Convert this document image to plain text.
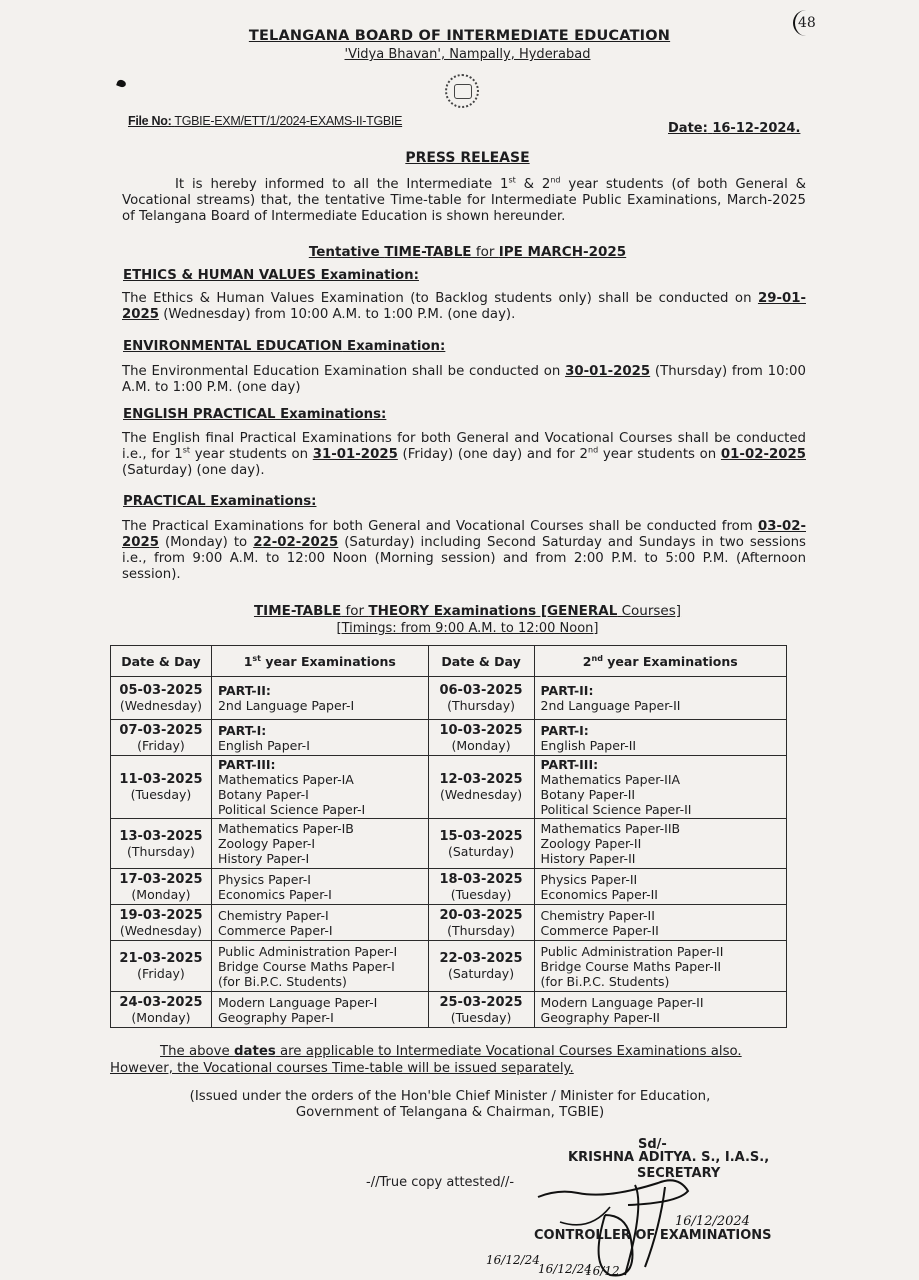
48
TELANGANA BOARD OF INTERMEDIATE EDUCATION
'Vidya Bhavan', Nampally, Hyderabad
File No: TGBIE-EXM/ETT/1/2024-EXAMS-II-TGBIE	Date: 16-12-2024.
PRESS RELEASE
It is hereby informed to all the Intermediate 1st & 2nd year students (of both General & Vocational streams) that, the tentative Time-table for Intermediate Public Examinations, March-2025 of Telangana Board of Intermediate Education is shown hereunder.
Tentative TIME-TABLE for IPE MARCH-2025
ETHICS & HUMAN VALUES Examination:
The Ethics & Human Values Examination (to Backlog students only) shall be conducted on 29-01-2025 (Wednesday) from 10:00 A.M. to 1:00 P.M. (one day).
ENVIRONMENTAL EDUCATION Examination:
The Environmental Education Examination shall be conducted on 30-01-2025 (Thursday) from 10:00 A.M. to 1:00 P.M. (one day)
ENGLISH PRACTICAL Examinations:
The English final Practical Examinations for both General and Vocational Courses shall be conducted i.e., for 1st year students on 31-01-2025 (Friday) (one day) and for 2nd year students on 01-02-2025 (Saturday) (one day).
PRACTICAL Examinations:
The Practical Examinations for both General and Vocational Courses shall be conducted from 03-02-2025 (Monday) to 22-02-2025 (Saturday) including Second Saturday and Sundays in two sessions i.e., from 9:00 A.M. to 12:00 Noon (Morning session) and from 2:00 P.M. to 5:00 P.M. (Afternoon session).
TIME-TABLE for THEORY Examinations [GENERAL Courses]
[Timings: from 9:00 A.M. to 12:00 Noon]
Date & Day	1st year Examinations	Date & Day	2nd year Examinations

05-03-2025
(Wednesday)	PART-II:
2nd Language Paper-I	06-03-2025
(Thursday)	PART-II:
2nd Language Paper-II

07-03-2025
(Friday)	PART-I:
English Paper-I	10-03-2025
(Monday)	PART-I:
English Paper-II

11-03-2025
(Tuesday)	PART-III:
Mathematics Paper-IA
Botany Paper-I
Political Science Paper-I	12-03-2025
(Wednesday)	PART-III:
Mathematics Paper-IIA
Botany Paper-II
Political Science Paper-II

13-03-2025
(Thursday)	Mathematics Paper-IB
Zoology Paper-I
History Paper-I	15-03-2025
(Saturday)	Mathematics Paper-IIB
Zoology Paper-II
History Paper-II

17-03-2025
(Monday)	Physics Paper-I
Economics Paper-I	18-03-2025
(Tuesday)	Physics Paper-II
Economics Paper-II

19-03-2025
(Wednesday)	Chemistry Paper-I
Commerce Paper-I	20-03-2025
(Thursday)	Chemistry Paper-II
Commerce Paper-II

21-03-2025
(Friday)	Public Administration Paper-I
Bridge Course Maths Paper-I
(for Bi.P.C. Students)	22-03-2025
(Saturday)	Public Administration Paper-II
Bridge Course Maths Paper-II
(for Bi.P.C. Students)

24-03-2025
(Monday)	Modern Language Paper-I
Geography Paper-I	25-03-2025
(Tuesday)	Modern Language Paper-II
Geography Paper-II
The above dates are applicable to Intermediate Vocational Courses Examinations also.
However, the Vocational courses Time-table will be issued separately.
(Issued under the orders of the Hon'ble Chief Minister / Minister for Education,
Government of Telangana & Chairman, TGBIE)
Sd/-
KRISHNA ADITYA. S., I.A.S.,
SECRETARY
-//True copy attested//-
CONTROLLER OF EXAMINATIONS
16/12/2024
16/12/24
16/12/24
16/12
